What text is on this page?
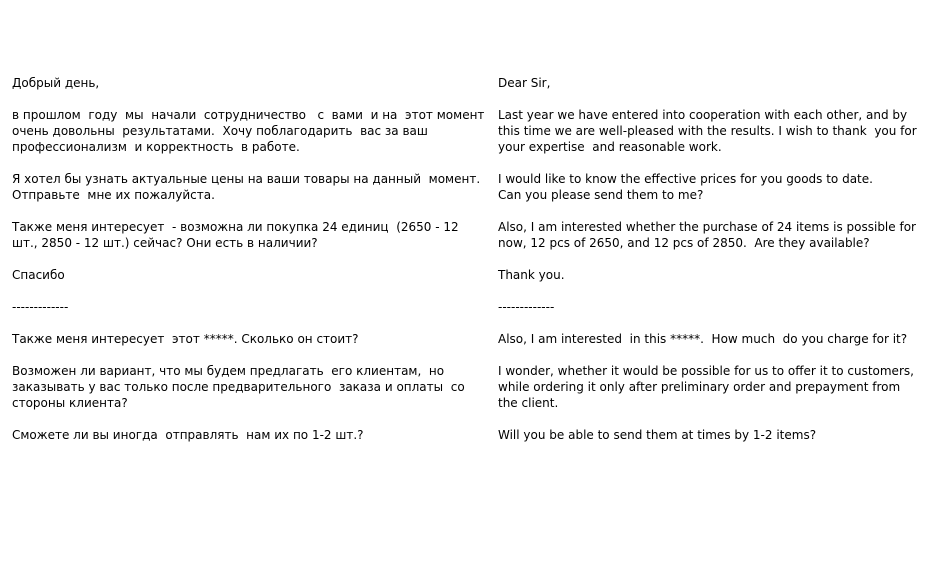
Добрый день,
в прошлом  году  мы  начали  сотрудничество   с  вами  и на  этот момент
очень довольны  результатами.  Хочу поблагодарить  вас за ваш
профессионализм  и корректность  в работе.
Я хотел бы узнать актуальные цены на ваши товары на данный  момент.
Отправьте  мне их пожалуйста.
Также меня интересует  - возможна ли покупка 24 единиц  (2650 - 12
шт., 2850 - 12 шт.) сейчас? Они есть в наличии?
Спасибо
-------------
Также меня интересует  этот *****. Сколько он стоит?
Возможен ли вариант, что мы будем предлагать  его клиентам,  но
заказывать у вас только после предварительного  заказа и оплаты  со
стороны клиента?
Сможете ли вы иногда  отправлять  нам их по 1-2 шт.?
Dear Sir,
Last year we have entered into cooperation with each other, and by
this time we are well-pleased with the results. I wish to thank  you for
your expertise  and reasonable work.
I would like to know the effective prices for you goods to date.
Can you please send them to me?
Also, I am interested whether the purchase of 24 items is possible for
now, 12 pcs of 2650, and 12 pcs of 2850.  Are they available?
Thank you.
-------------
Also, I am interested  in this *****.  How much  do you charge for it?
I wonder, whether it would be possible for us to offer it to customers,
while ordering it only after preliminary order and prepayment from
the client.
Will you be able to send them at times by 1-2 items?
